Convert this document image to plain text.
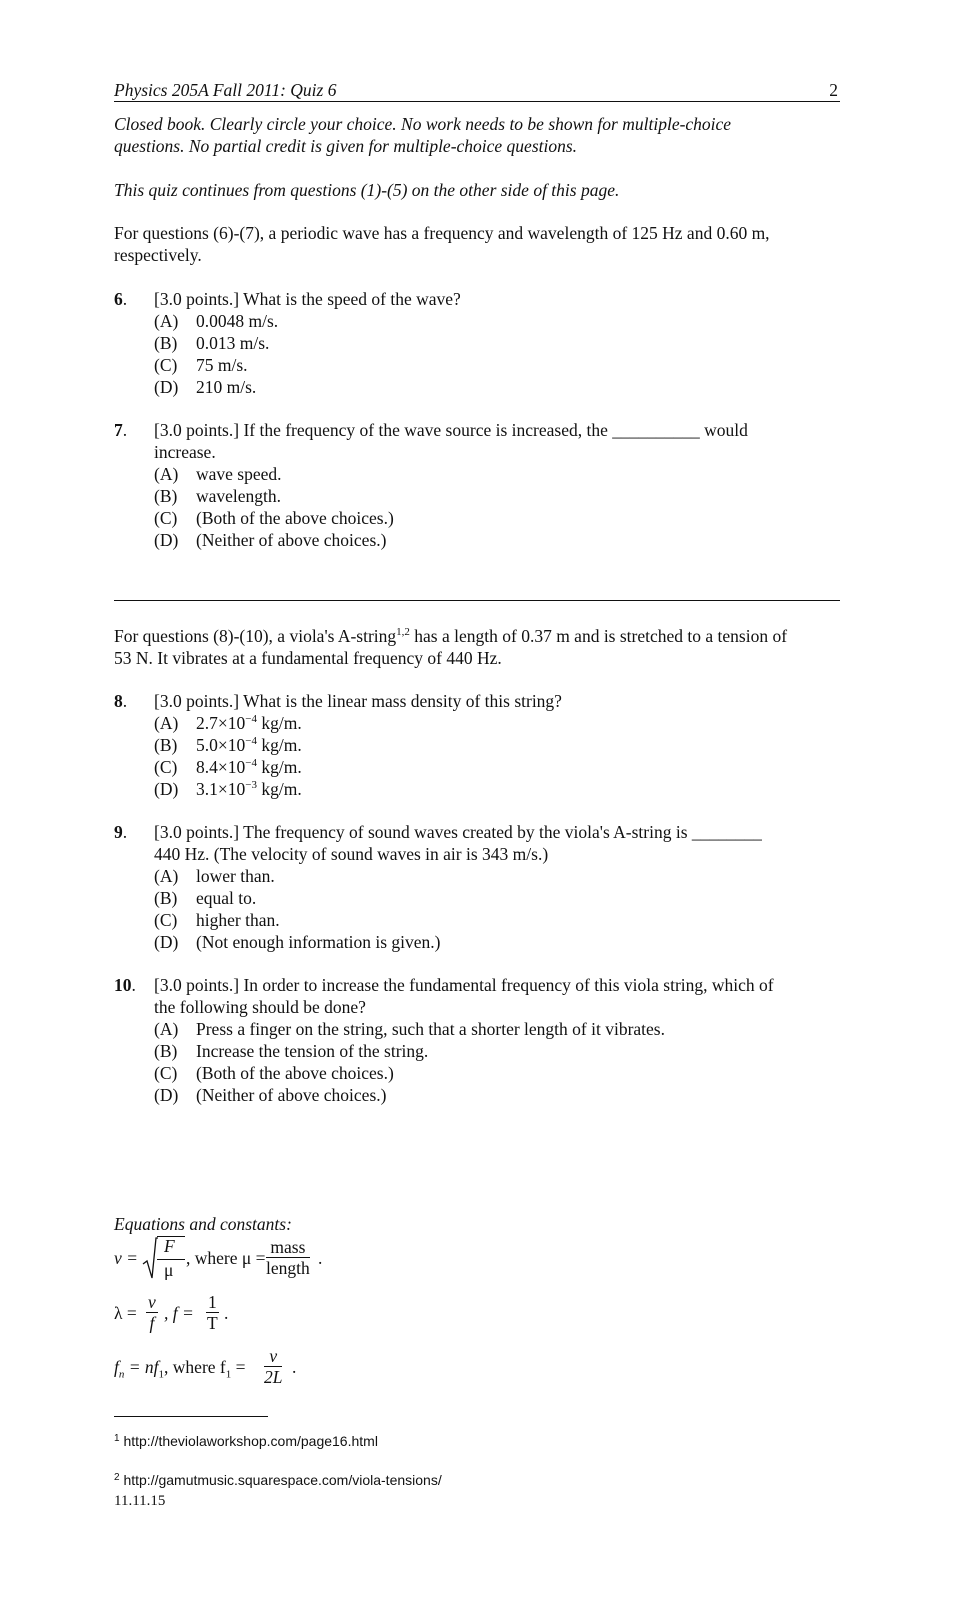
Physics 205A Fall 2011: Quiz 6	2
Closed book. Clearly circle your choice. No work needs to be shown for multiple-choice
questions. No partial credit is given for multiple-choice questions.
This quiz continues from questions (1)-(5) on the other side of this page.
For questions (6)-(7), a periodic wave has a frequency and wavelength of 125 Hz and 0.60 m,
respectively.
6. [3.0 points.] What is the speed of the wave?
(A) 0.0048 m/s.
(B) 0.013 m/s.
(C) 75 m/s.
(D) 210 m/s.
7. [3.0 points.] If the frequency of the wave source is increased, the __________ would
increase.
(A) wave speed.
(B) wavelength.
(C) (Both of the above choices.)
(D) (Neither of above choices.)
For questions (8)-(10), a viola's A-string$^{1,2}$ has a length of 0.37 m and is stretched to a tension of
53 N. It vibrates at a fundamental frequency of 440 Hz.
8. [3.0 points.] What is the linear mass density of this string?
(A) $2.7\times 10^{-4}$ kg/m.
(B) $5.0\times 10^{-4}$ kg/m.
(C) $8.4\times 10^{-4}$ kg/m.
(D) $3.1\times 10^{-3}$ kg/m.
9. [3.0 points.] The frequency of sound waves created by the viola's A-string is ________
440 Hz. (The velocity of sound waves in air is 343 m/s.)
(A) lower than.
(B) equal to.
(C) higher than.
(D) (Not enough information is given.)
10. [3.0 points.] In order to increase the fundamental frequency of this viola string, which of
the following should be done?
(A) Press a finger on the string, such that a shorter length of it vibrates.
(B) Increase the tension of the string.
(C) (Both of the above choices.)
(D) (Neither of above choices.)
Equations and constants:
v =
F
μ
, where μ =
mass
length .
$\lambda = \frac{v}{f}$ , $f = \frac{1}{T}$ .
$f_n = nf_1$, where $f_1 = \frac{v}{2L}$ .
$^1$ http://theviolaworkshop.com/page16.html
$^2$ http://gamutmusic.squarespace.com/viola-tensions/
11.11.15
